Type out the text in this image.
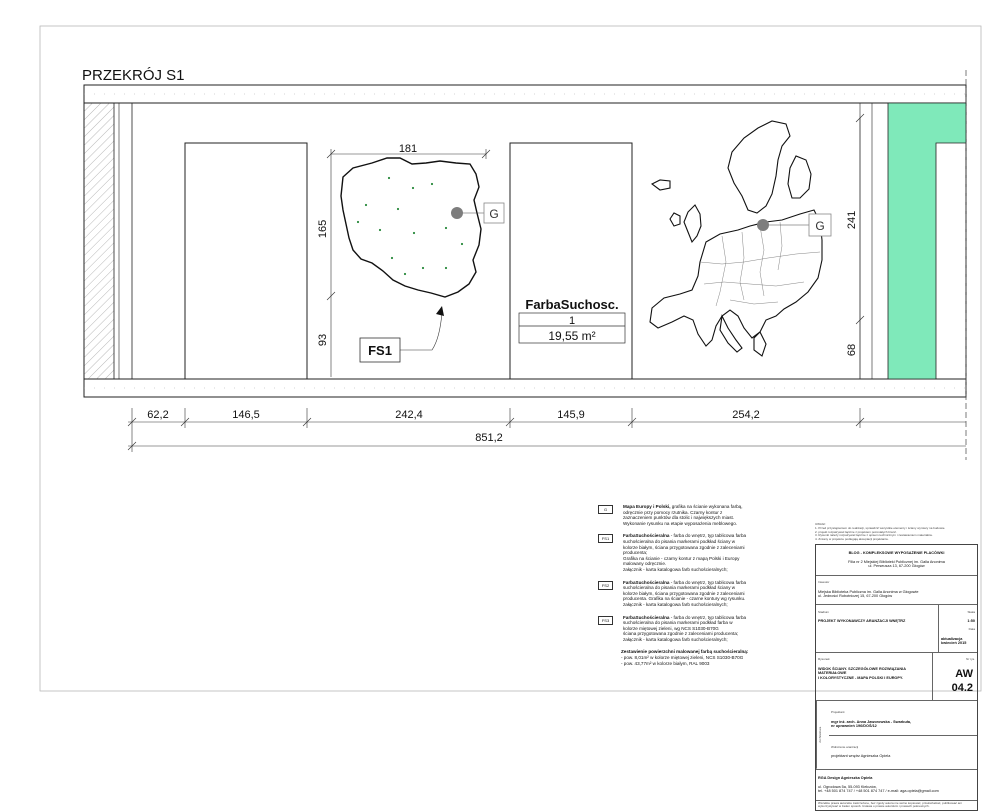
PRZEKRÓJ S1
G
G
181
165
93
241
68
FarbaSuchosc.
1
19,55 m²
FS1
62,2	146,5	242,4	145,9	254,2
851,2
G
Mapa Europy i Polski, grafika na ścianie wykonana farbą,
odręcznie przy pomocy rzutnika. Czarny kontur z
zaznaczeniem punktów dla stolic i największych miast.
Wykonanie rysunku na etapie wyposażenia meblowego.
FS1
FarbaSuchościeralna - farba do wnętrz, typ tablicowa farba
suchościeralna do pisania markerami podkład ściany w
kolorze białym, ściana przygotowana zgodnie z zaleceniami
producenta;
Grafika na ścianie - czarny kontur z mapą Polski i Europy
malowany odręcznie.
załącznik - karta katalogowa farb suchościeralnych;
FS2
FarbaSuchościeralna - farba do wnętrz, typ tablicowa farba
suchościeralna do pisania markerami podkład ściany w
kolorze białym, ściana przygotowana zgodnie z zaleceniami
producenta. Grafika na ścianie - czarne kontury wg rysunku.
załącznik - karta katalogowa farb suchościeralnych;
FS3
FarbaSuchościeralna - farba do wnętrz, typ tablicowa farba
suchościeralna do pisania markerami podkład farba w
kolorze miętowej zieleni, wg NCS S1030-B70G
ściana przygotowana zgodnie z zaleceniami producenta;
załącznik - karta katalogowa farb suchościeralnych;
Zestawienie powierzchni malowanej farbą suchościeralną:
- pow. 8,01m² w kolorze miętowej zieleni, NCS S1030-B70G
- pow. 43,77m² w kolorze białym, RAL 9003
UWAGI:
1. Przed przystąpieniem do realizacji, sprawdzić wszystkie elementy i ściany wymiary na budowie.
2. projekt rozpatrywać łącznie z projektem pozostałych branż.
3. Rysunki należy rozpatrywać łącznie z opisem technicznym i zestawieniem materiałów.
4. Zmiany w projekcie podlegają akceptacji projektanta.

BLOG - KOMPLEKSOWE WYPOSAŻENIE PLACÓWKI

Filia nr 2 Miejskiej Biblioteki Publicznej im. Galla Anonima
ul. Perseusza 13, 67-200 Głogów

Inwestor

Miejska Biblioteka Publiczna im. Galla Anonima w Głogowie
ul. Jedności Robotniczej 15, 67-200 Głogów

Stadium

PROJEKT WYKONAWCZY ARANŻACJI WNĘTRZ

Skala

1:50

Data

aktualizacja
kwiecień 2015

Rysunek

WIDOK ŚCIANY. SZCZEGÓŁOWE ROZWIĄZANIA MATERIAŁOWE
I KOLORYSTYCZNE - MAPA POLSKI I EUROPY.

Nr rys.

AW 04.2

Architektura

Projektant

mgr inż. arch. Anna Jaworowska - Swarbuła,
nr uprawnień 196/DOŚ/12

Wdrożenie aranżacji

projektant wnętrz Agnieszka Opiela

RGA Design Agnieszka Opiela

ul. Ogrodowa 5a, 55-093 Kiełczów,
tel. +48 501 874 747 / +48 501 874 747 / e-mail: aga.opiela@gmail.com

Wszelkie prawa autorskie zastrzeżone, bez zgody autora nie wolno kopiować, przekształcać, publikować ani wykorzystywać w żaden sposób. Ustawa o prawie autorskim i prawach pokrewnych.
